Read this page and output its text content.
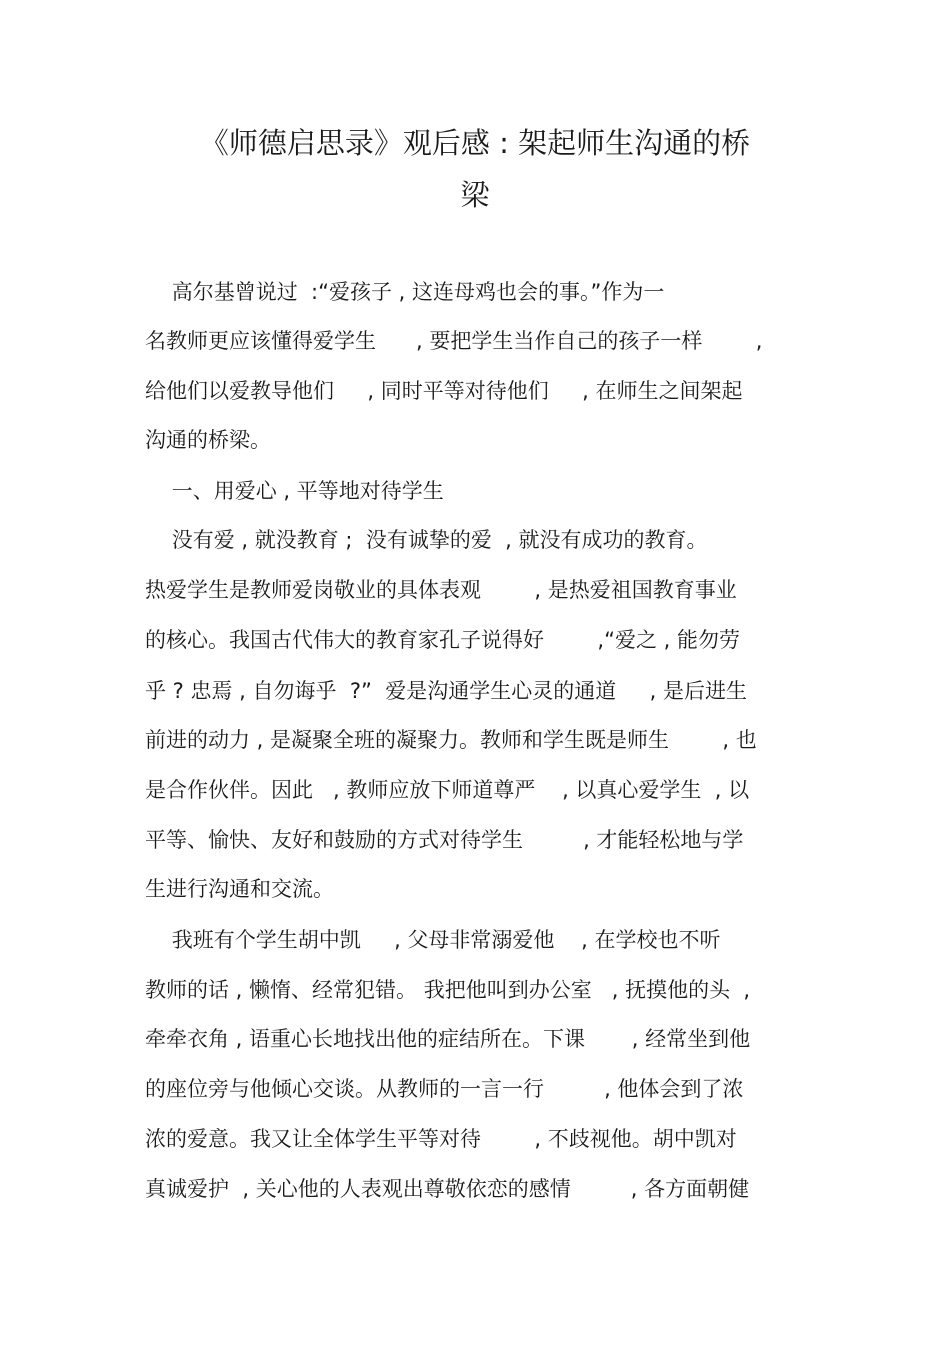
《师德启思录》观后感 : 架起师生沟通的桥
梁

高尔基曾说过  :“爱孩子 , 这连母鸡也会的事。”作为一

名教师更应该懂得爱学生      , 要把学生当作自己的孩子一样        ,

给他们以爱教导他们     , 同时平等对待他们     , 在师生之间架起

沟通的桥梁。

一、用爱心 , 平等地对待学生

没有爱 , 就没教育 ;  没有诚挚的爱  , 就没有成功的教育。

热爱学生是教师爱岗敬业的具体表观        , 是热爱祖国教育事业

的核心。我国古代伟大的教育家孔子说得好        ,“爱之 , 能勿劳

乎 ? 忠焉 , 自勿诲乎  ?”  爱是沟通学生心灵的通道     , 是后进生

前进的动力 , 是凝聚全班的凝聚力。教师和学生既是师生        , 也

是合作伙伴。因此   , 教师应放下师道尊严    , 以真心爱学生  , 以

平等、愉快、友好和鼓励的方式对待学生         , 才能轻松地与学

生进行沟通和交流。

我班有个学生胡中凯     , 父母非常溺爱他    , 在学校也不听

教师的话 , 懒惰、经常犯错。 我把他叫到办公室   , 抚摸他的头  ,

牵牵衣角 , 语重心长地找出他的症结所在。下课       , 经常坐到他

的座位旁与他倾心交谈。从教师的一言一行         , 他体会到了浓

浓的爱意。我又让全体学生平等对待        , 不歧视他。胡中凯对

真诚爱护  , 关心他的人表观出尊敬依恋的感情         , 各方面朝健
